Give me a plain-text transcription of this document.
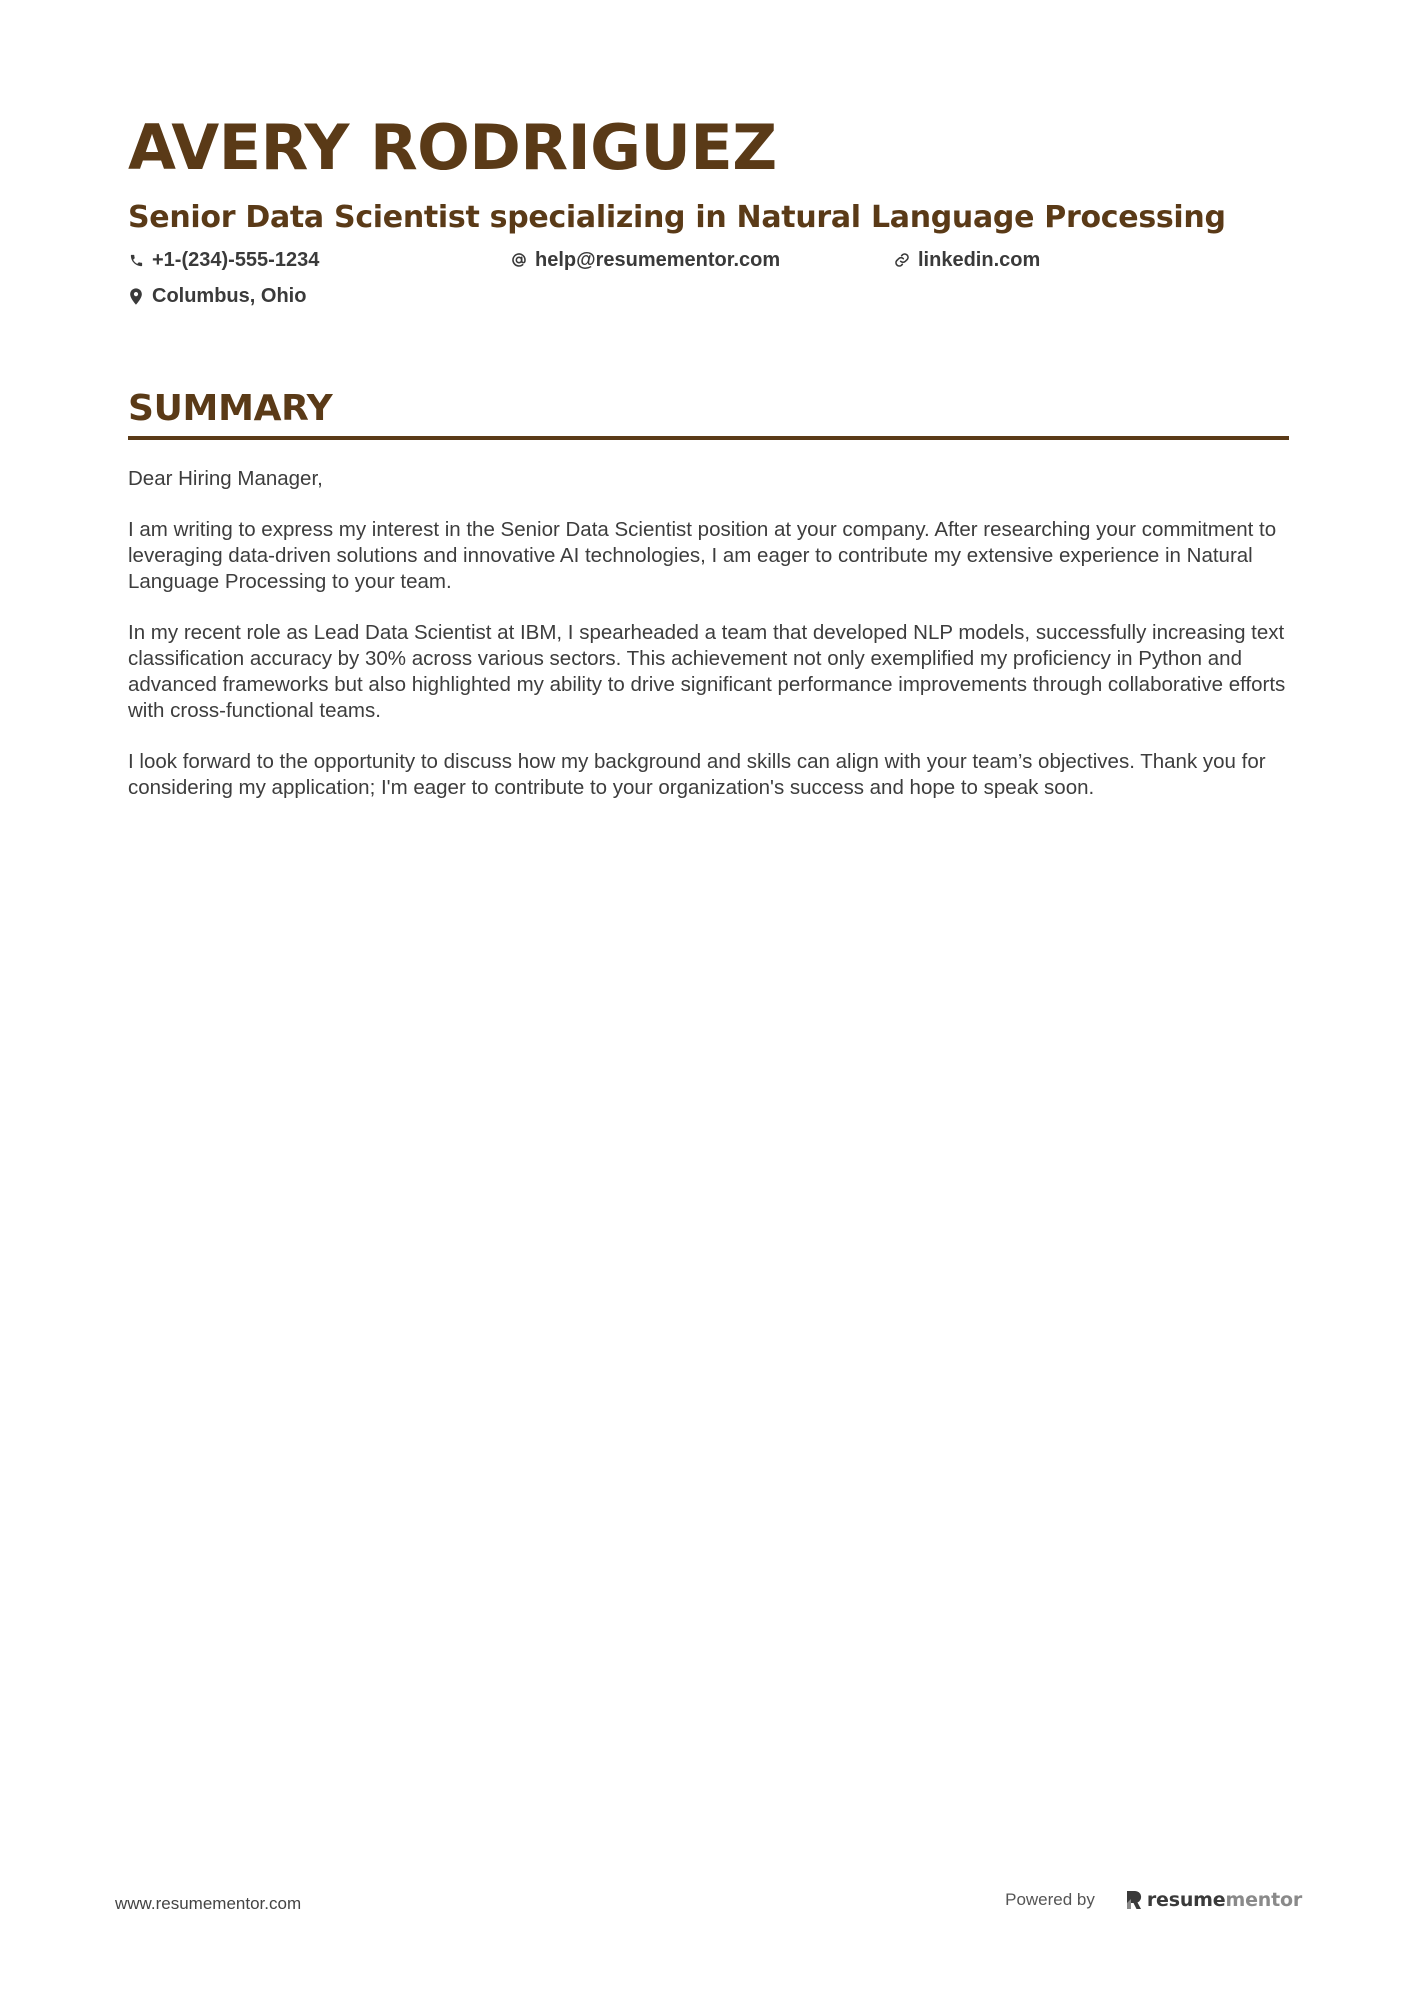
AVERY RODRIGUEZ
Senior Data Scientist specializing in Natural Language Processing
+1-(234)-555-1234	help@resumementor.com	linkedin.com
Columbus, Ohio
SUMMARY

Dear Hiring Manager,

I am writing to express my interest in the Senior Data Scientist position at your company. After researching your commitment to leveraging data-driven solutions and innovative AI technologies, I am eager to contribute my extensive experience in Natural Language Processing to your team.

In my recent role as Lead Data Scientist at IBM, I spearheaded a team that developed NLP models, successfully increasing text classification accuracy by 30% across various sectors. This achievement not only exemplified my proficiency in Python and advanced frameworks but also highlighted my ability to drive significant performance improvements through collaborative efforts with cross-functional teams.

I look forward to the opportunity to discuss how my background and skills can align with your team’s objectives. Thank you for considering my application; I'm eager to contribute to your organization's success and hope to speak soon.

www.resumementor.com	Powered by	resume mentor
